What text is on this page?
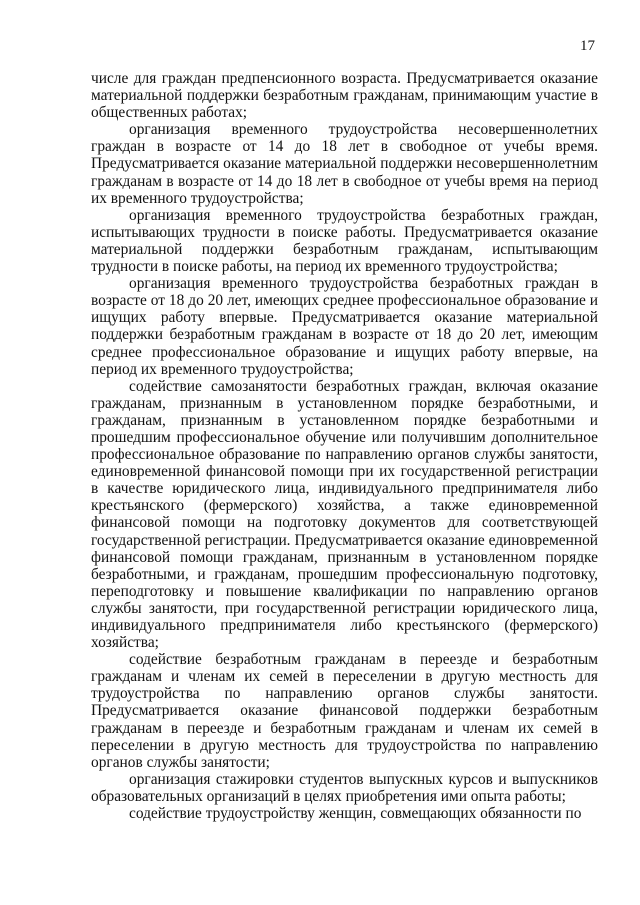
17

числе для граждан предпенсионного возраста. Предусматривается оказание материальной поддержки безработным гражданам, принимающим участие в общественных работах;

организация временного трудоустройства несовершеннолетних граждан в возрасте от 14 до 18 лет в свободное от учебы время. Предусматривается оказание материальной поддержки несовершеннолетним гражданам в возрасте от 14 до 18 лет в свободное от учебы время на период их временного трудоустройства;

организация временного трудоустройства безработных граждан, испытывающих трудности в поиске работы. Предусматривается оказание материальной поддержки безработным гражданам, испытывающим трудности в поиске работы, на период их временного трудоустройства;

организация временного трудоустройства безработных граждан в возрасте от 18 до 20 лет, имеющих среднее профессиональное образование и ищущих работу впервые. Предусматривается оказание материальной поддержки безработным гражданам в возрасте от 18 до 20 лет, имеющим среднее профессиональное образование и ищущих работу впервые, на период их временного трудоустройства;

содействие самозанятости безработных граждан, включая оказание гражданам, признанным в установленном порядке безработными, и гражданам, признанным в установленном порядке безработными и прошедшим профессиональное обучение или получившим дополнительное профессиональное образование по направлению органов службы занятости, единовременной финансовой помощи при их государственной регистрации в качестве юридического лица, индивидуального предпринимателя либо крестьянского (фермерского) хозяйства, а также единовременной финансовой помощи на подготовку документов для соответствующей государственной регистрации. Предусматривается оказание единовременной финансовой помощи гражданам, признанным в установленном порядке безработными, и гражданам, прошедшим профессиональную подготовку, переподготовку и повышение квалификации по направлению органов службы занятости, при государственной регистрации юридического лица, индивидуального предпринимателя либо крестьянского (фермерского) хозяйства;

содействие безработным гражданам в переезде и безработным гражданам и членам их семей в переселении в другую местность для трудоустройства по направлению органов службы занятости. Предусматривается оказание финансовой поддержки безработным гражданам в переезде и безработным гражданам и членам их семей в переселении в другую местность для трудоустройства по направлению органов службы занятости;

организация стажировки студентов выпускных курсов и выпускников образовательных организаций в целях приобретения ими опыта работы;

содействие трудоустройству женщин, совмещающих обязанности по
